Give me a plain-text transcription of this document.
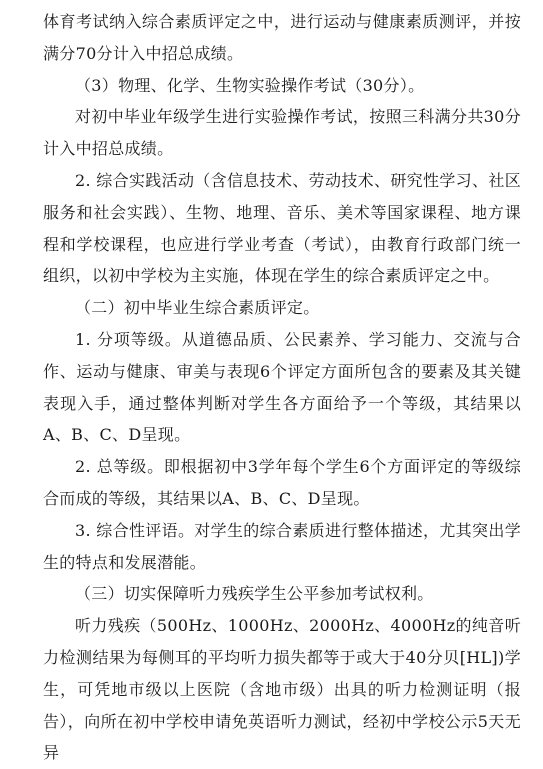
体育考试纳入综合素质评定之中，进行运动与健康素质测评，并按满分70分计入中招总成绩。

（3）物理、化学、生物实验操作考试（30分）。

对初中毕业年级学生进行实验操作考试，按照三科满分共30分计入中招总成绩。

2. 综合实践活动（含信息技术、劳动技术、研究性学习、社区服务和社会实践）、生物、地理、音乐、美术等国家课程、地方课程和学校课程，也应进行学业考查（考试），由教育行政部门统一组织，以初中学校为主实施，体现在学生的综合素质评定之中。

（二）初中毕业生综合素质评定。

1. 分项等级。从道德品质、公民素养、学习能力、交流与合作、运动与健康、审美与表现6个评定方面所包含的要素及其关键表现入手，通过整体判断对学生各方面给予一个等级，其结果以A、B、C、D呈现。

2. 总等级。即根据初中3学年每个学生6个方面评定的等级综合而成的等级，其结果以A、B、C、D呈现。

3. 综合性评语。对学生的综合素质进行整体描述，尤其突出学生的特点和发展潜能。

（三）切实保障听力残疾学生公平参加考试权利。

听力残疾（500Hz、1000Hz、2000Hz、4000Hz的纯音听力检测结果为每侧耳的平均听力损失都等于或大于40分贝[HL])学生，可凭地市级以上医院（含地市级）出具的听力检测证明（报告），向所在初中学校申请免英语听力测试，经初中学校公示5天无异
